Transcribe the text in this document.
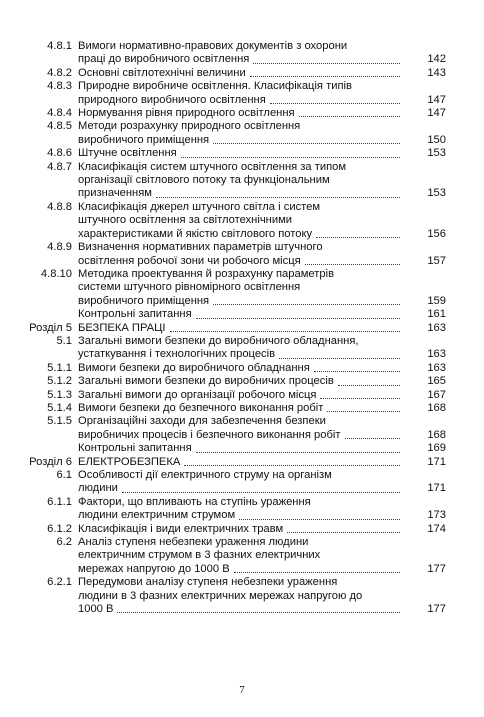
4.8.1 Вимоги нормативно-правових документів з охорони
праці до виробничого освітлення	142
4.8.2 Основні світлотехнічні величини	143
4.8.3 Природне виробниче освітлення. Класифікація типів
природного виробничого освітлення	147
4.8.4 Нормування рівня природного освітлення	147
4.8.5 Методи розрахунку природного освітлення
виробничого приміщення	150
4.8.6 Штучне освітлення	153
4.8.7 Класифікація систем штучного освітлення за типом
організації світлового потоку та функціональним
призначенням	153
4.8.8 Класифікація джерел штучного світла і систем
штучного освітлення за світлотехнічними
характеристиками й якістю світлового потоку	156
4.8.9 Визначення нормативних параметрів штучного
освітлення робочої зони чи робочого місця	157
4.8.10 Методика проектування й розрахунку параметрів
системи штучного рівномірного освітлення
виробничого приміщення	159
Контрольні запитання	161
Розділ 5 БЕЗПЕКА ПРАЦІ	163
5.1 Загальні вимоги безпеки до виробничого обладнання,
устаткування і технологічних процесів	163
5.1.1 Вимоги безпеки до виробничого обладнання	163
5.1.2 Загальні вимоги безпеки до виробничих процесів	165
5.1.3 Загальні вимоги до організації робочого місця	167
5.1.4 Вимоги безпеки до безпечного виконання робіт	168
5.1.5 Організаційні заходи для забезпечення безпеки
виробничих процесів і безпечного виконання робіт	168
Контрольні запитання	169
Розділ 6 ЕЛЕКТРОБЕЗПЕКА	171
6.1 Особливості дії електричного струму на організм
людини	171
6.1.1 Фактори, що впливають на ступінь ураження
людини електричним струмом	173
6.1.2 Класифікація і види електричних травм	174
6.2 Аналіз ступеня небезпеки ураження людини
електричним струмом в 3 фазних електричних
мережах напругою до 1000 В	177
6.2.1 Передумови аналізу ступеня небезпеки ураження
людини в 3 фазних електричних мережах напругою до
1000 В	177
7
